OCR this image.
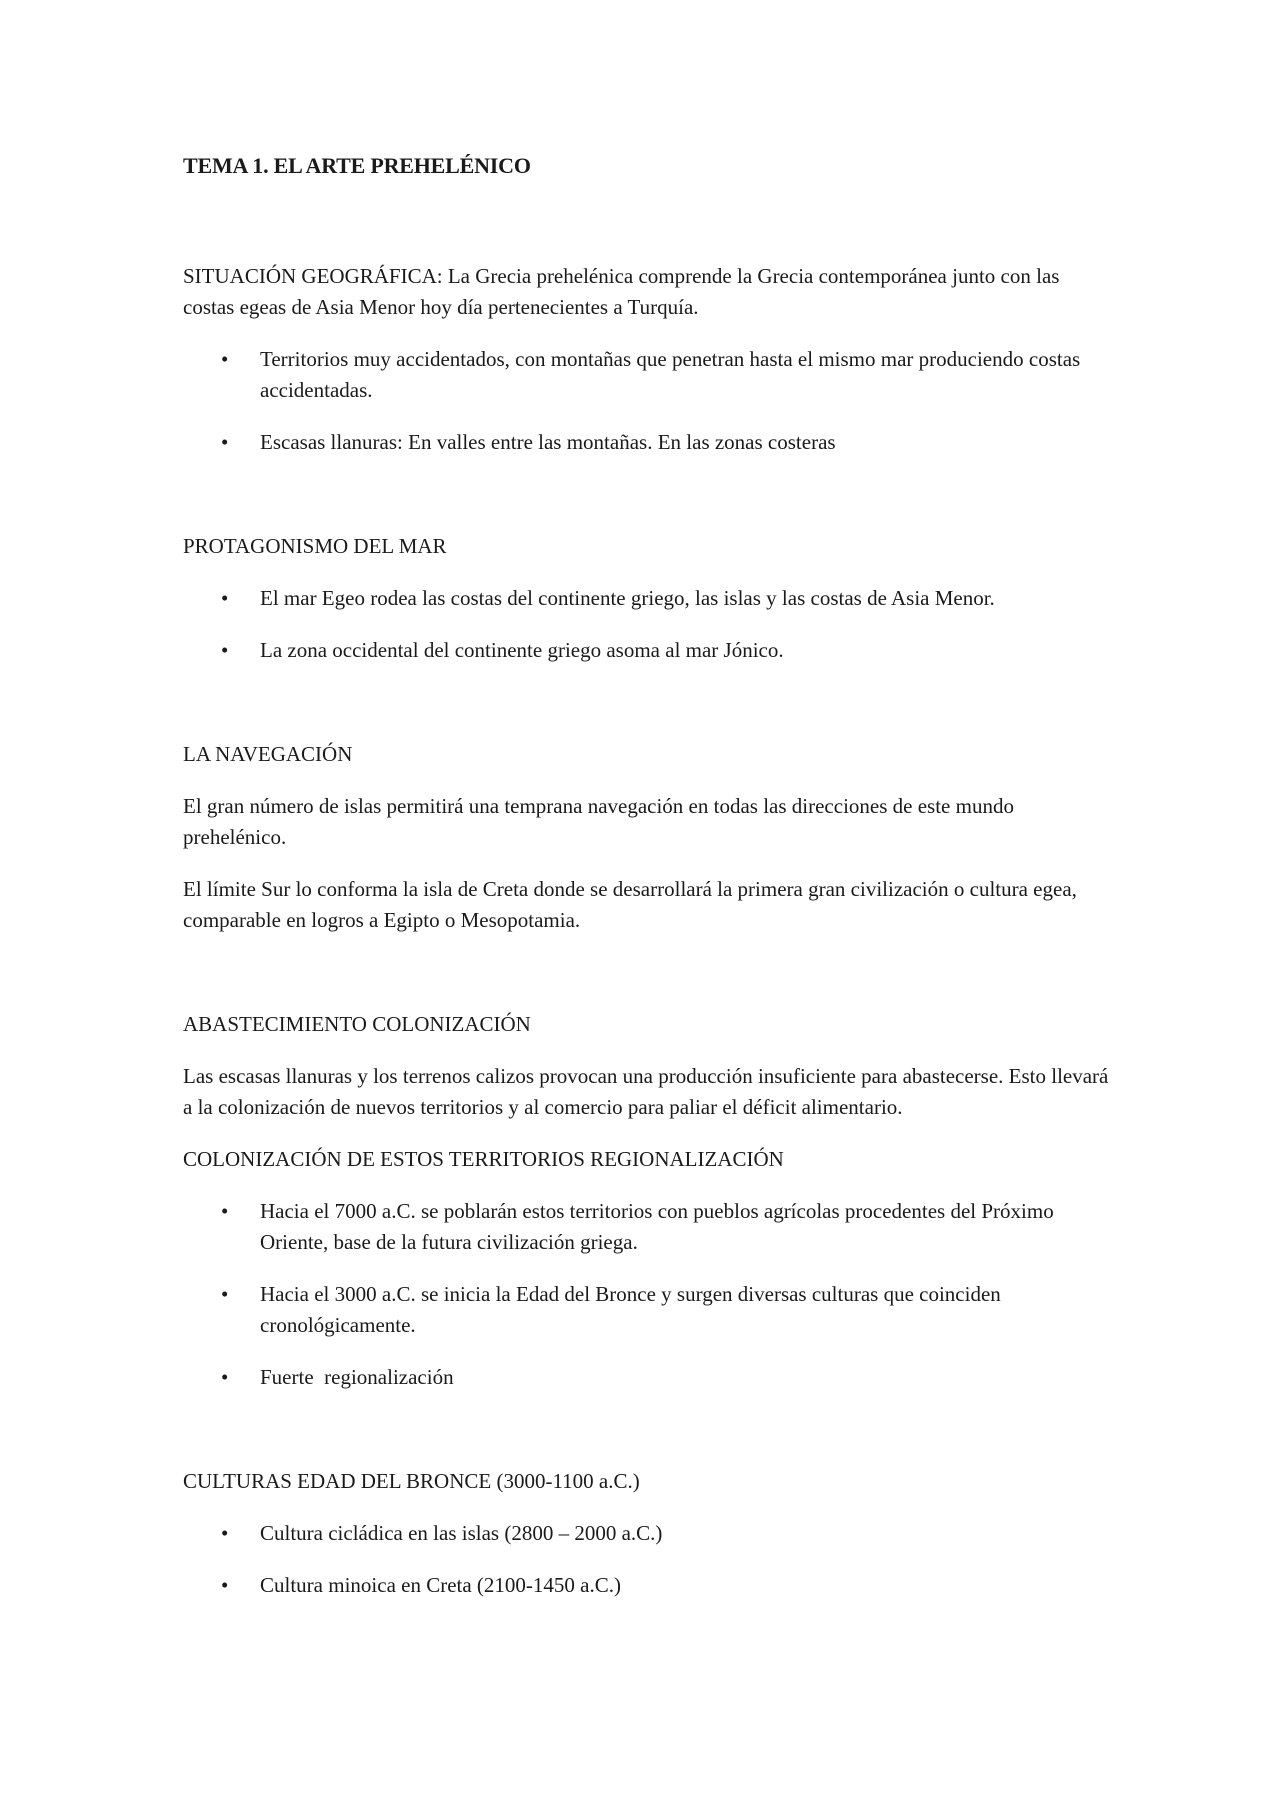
TEMA 1. EL ARTE PREHELÉNICO

SITUACIÓN GEOGRÁFICA: La Grecia prehelénica comprende la Grecia contemporánea junto con las costas egeas de Asia Menor hoy día pertenecientes a Turquía.

• Territorios muy accidentados, con montañas que penetran hasta el mismo mar produciendo costas accidentadas.
• Escasas llanuras: En valles entre las montañas. En las zonas costeras
PROTAGONISMO DEL MAR
• El mar Egeo rodea las costas del continente griego, las islas y las costas de Asia Menor.
• La zona occidental del continente griego asoma al mar Jónico.
LA NAVEGACIÓN

El gran número de islas permitirá una temprana navegación en todas las direcciones de este mundo prehelénico.

El límite Sur lo conforma la isla de Creta donde se desarrollará la primera gran civilización o cultura egea, comparable en logros a Egipto o Mesopotamia.

ABASTECIMIENTO COLONIZACIÓN

Las escasas llanuras y los terrenos calizos provocan una producción insuficiente para abastecerse. Esto llevará a la colonización de nuevos territorios y al comercio para paliar el déficit alimentario.

COLONIZACIÓN DE ESTOS TERRITORIOS REGIONALIZACIÓN
• Hacia el 7000 a.C. se poblarán estos territorios con pueblos agrícolas procedentes del Próximo Oriente, base de la futura civilización griega.
• Hacia el 3000 a.C. se inicia la Edad del Bronce y surgen diversas culturas que coinciden cronológicamente.
• Fuerte  regionalización
CULTURAS EDAD DEL BRONCE (3000-1100 a.C.)
• Cultura cicládica en las islas (2800 – 2000 a.C.)
• Cultura minoica en Creta (2100-1450 a.C.)
